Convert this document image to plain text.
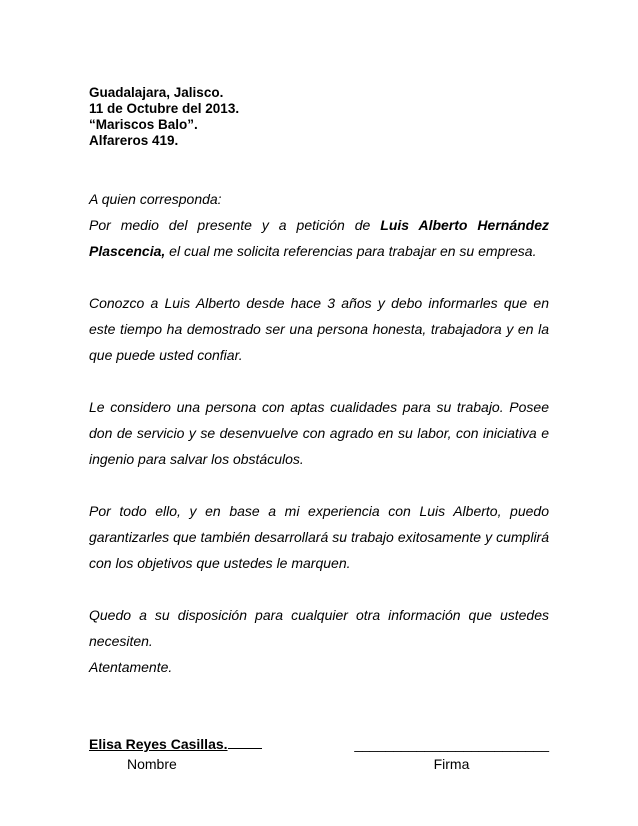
Guadalajara, Jalisco.
11 de Octubre del 2013.
“Mariscos Balo”.
Alfareros 419.
A quien corresponda:
Por medio del presente y a petición de Luis Alberto Hernández Plascencia, el cual me solicita referencias para trabajar en su empresa.
Conozco a Luis Alberto desde hace 3 años y debo informarles que en este tiempo ha demostrado ser una persona honesta, trabajadora y en la que puede usted confiar.
Le considero una persona con aptas cualidades para su trabajo. Posee don de servicio y se desenvuelve con agrado en su labor, con iniciativa e ingenio para salvar los obstáculos.
Por todo ello, y en base a mi experiencia con Luis Alberto, puedo garantizarles que también desarrollará su trabajo exitosamente y cumplirá con los objetivos que ustedes le marquen.
Quedo a su disposición para cualquier otra información que ustedes necesiten.
Atentamente.
Elisa Reyes Casillas.	_________________________
Nombre	Firma
